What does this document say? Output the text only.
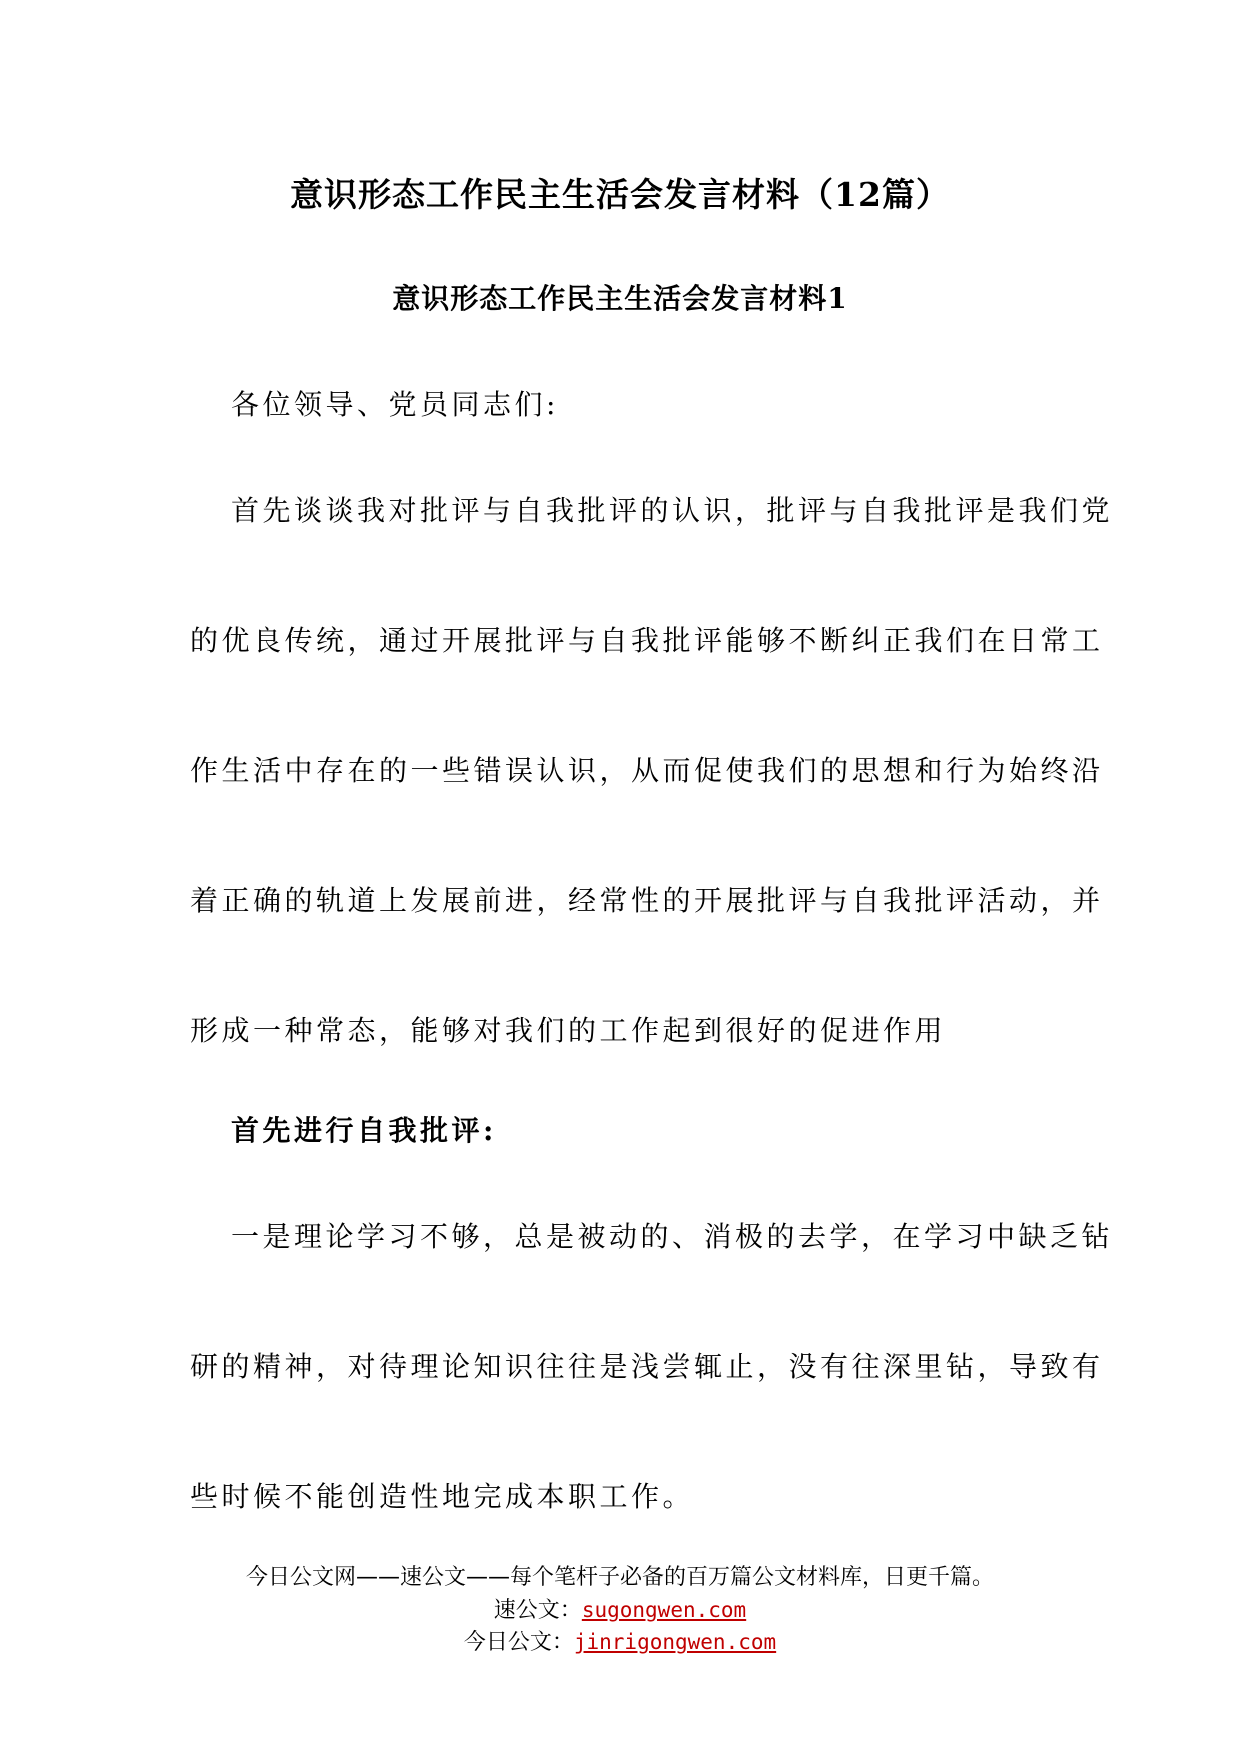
意识形态工作民主生活会发言材料（12篇）
意识形态工作民主生活会发言材料1
各位领导、党员同志们:
首先谈谈我对批评与自我批评的认识，批评与自我批评是我们党
的优良传统，通过开展批评与自我批评能够不断纠正我们在日常工
作生活中存在的一些错误认识，从而促使我们的思想和行为始终沿
着正确的轨道上发展前进，经常性的开展批评与自我批评活动，并
形成一种常态，能够对我们的工作起到很好的促进作用
首先进行自我批评:
一是理论学习不够，总是被动的、消极的去学，在学习中缺乏钻
研的精神，对待理论知识往往是浅尝辄止，没有往深里钻，导致有
些时候不能创造性地完成本职工作。
今日公文网——速公文——每个笔杆子必备的百万篇公文材料库，日更千篇。
速公文：sugongwen.com
今日公文：jinrigongwen.com
